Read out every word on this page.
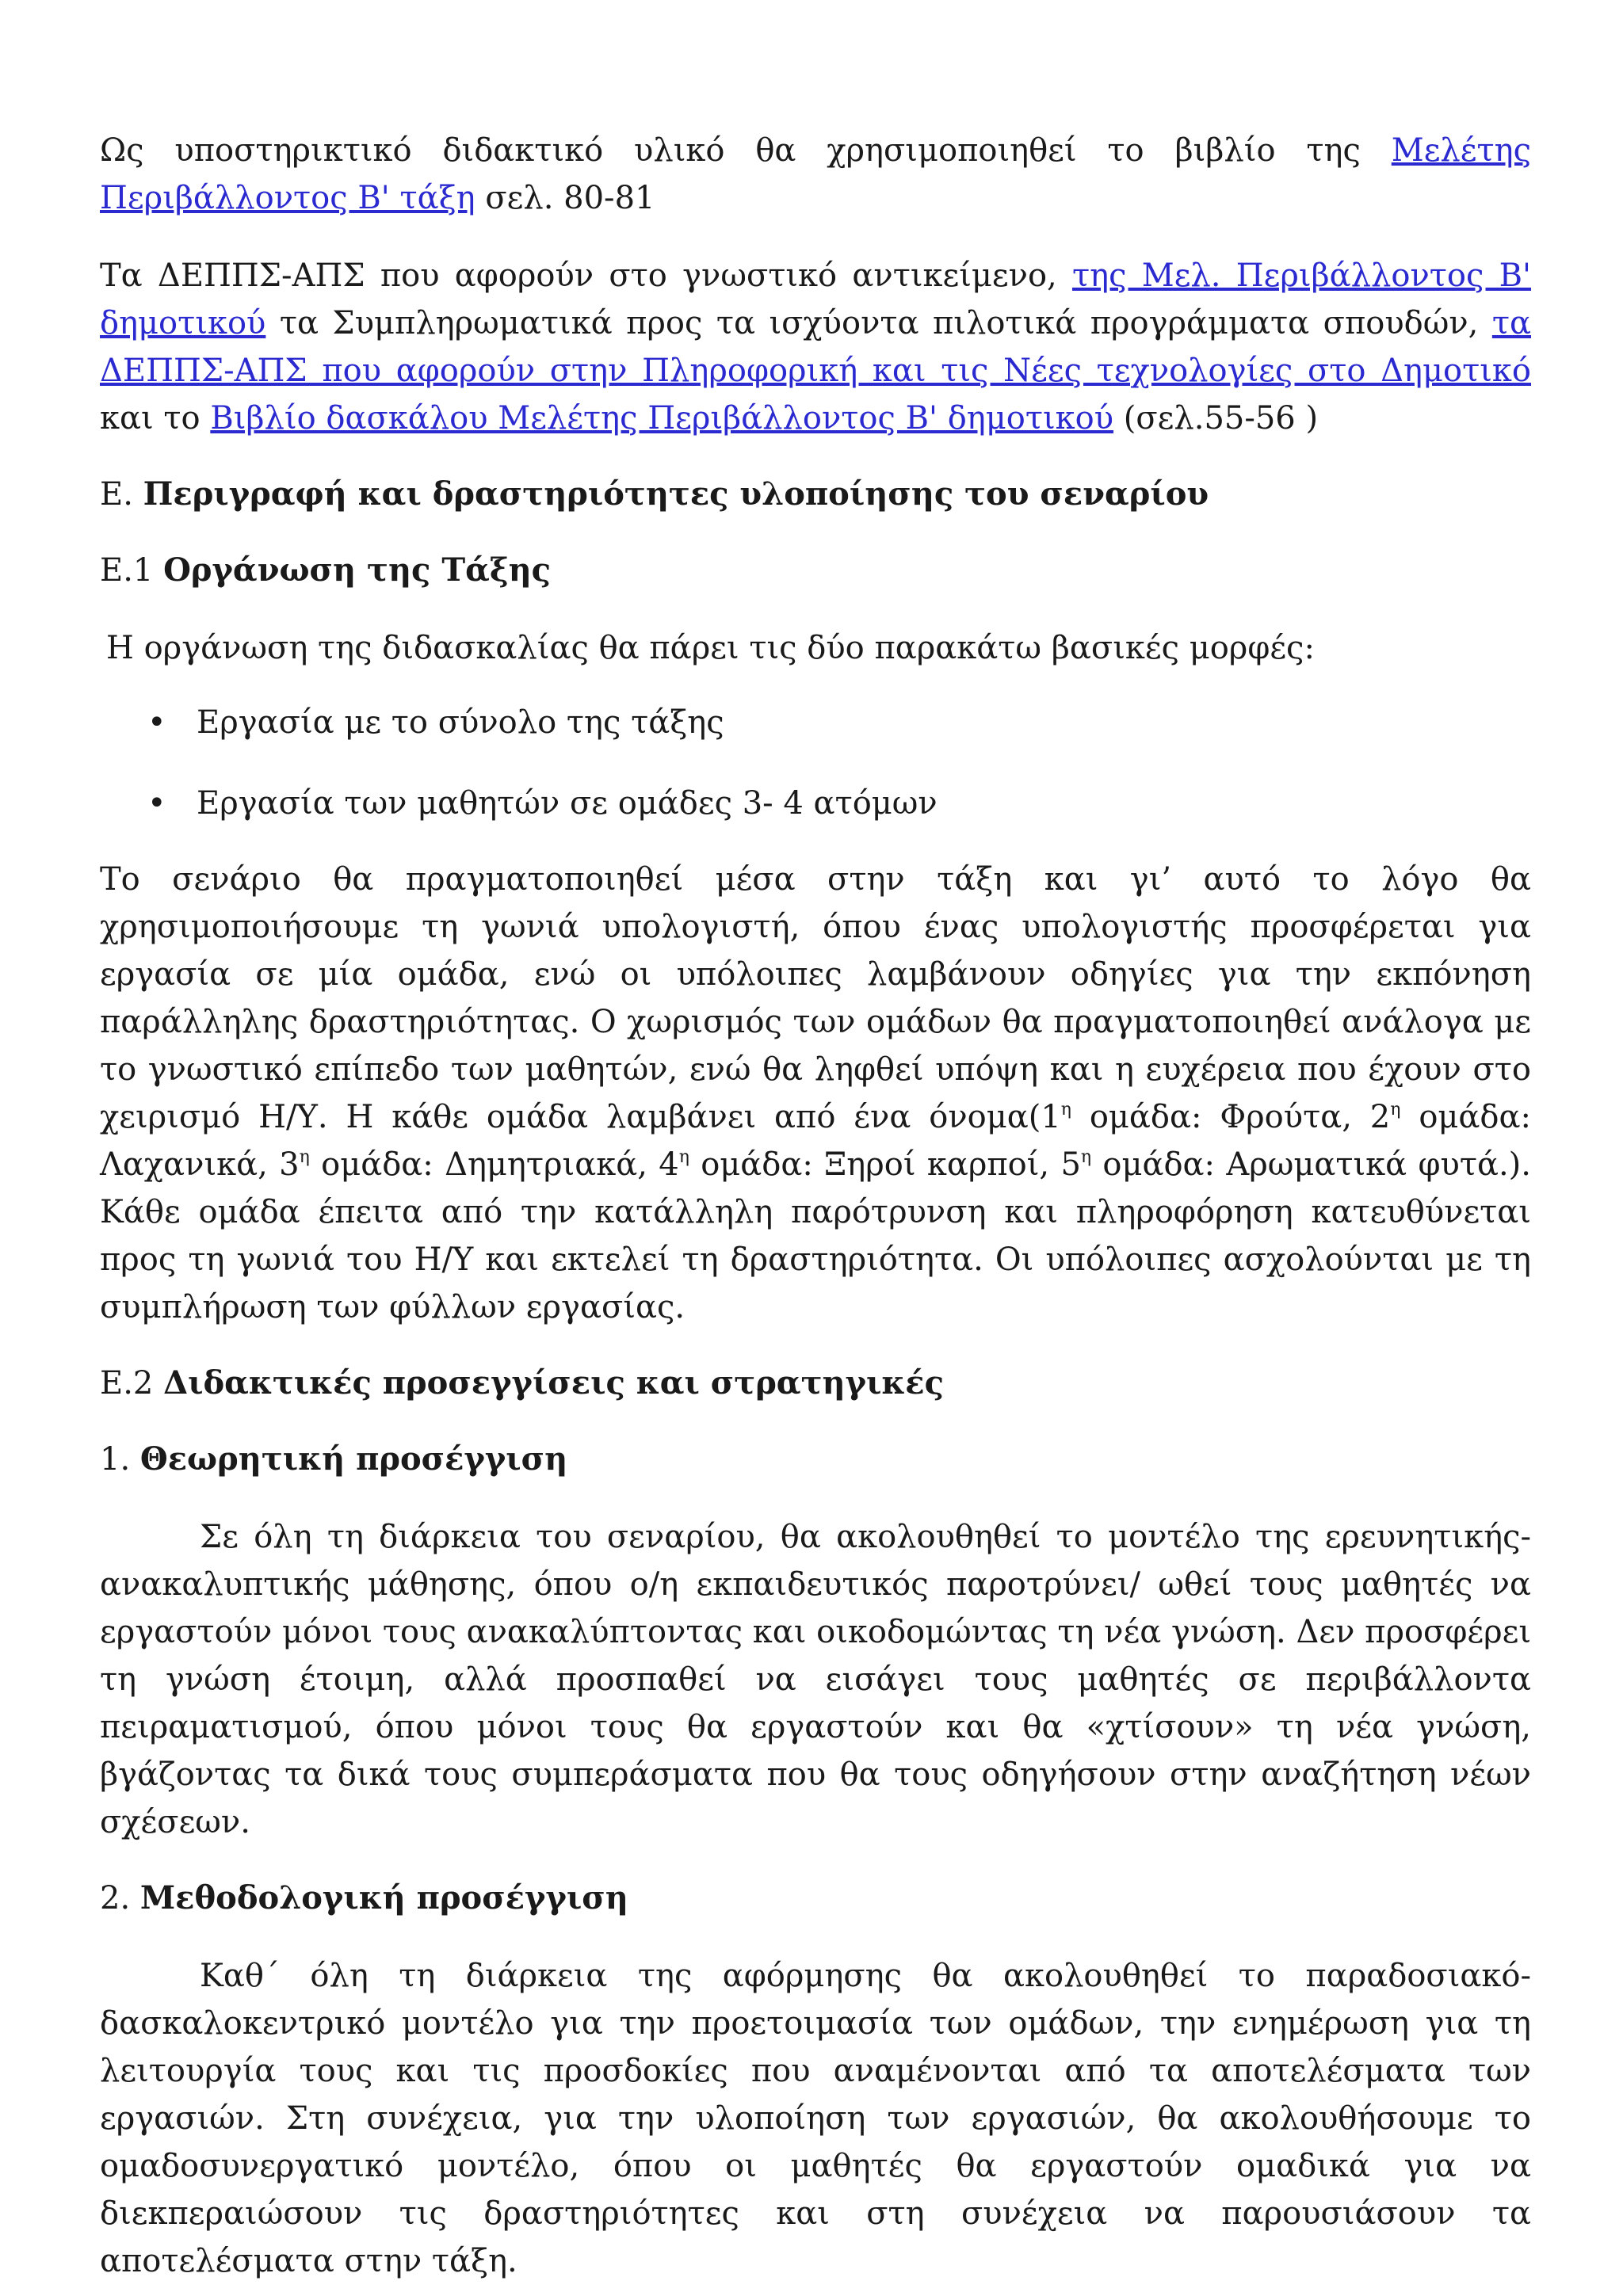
Ως υποστηρικτικό διδακτικό υλικό θα χρησιμοποιηθεί το βιβλίο της Μελέτης Περιβάλλοντος Β' τάξη σελ. 80-81

Τα ΔΕΠΠΣ-ΑΠΣ που αφορούν στο γνωστικό αντικείμενο, της Μελ. Περιβάλλοντος Β' δημοτικού τα Συμπληρωματικά προς τα ισχύοντα πιλοτικά προγράμματα σπουδών, τα ΔΕΠΠΣ-ΑΠΣ που αφορούν στην Πληροφορική και τις Νέες τεχνολογίες στο Δημοτικό και το Βιβλίο δασκάλου Μελέτης Περιβάλλοντος Β' δημοτικού (σελ.55-56 )

Ε. Περιγραφή και δραστηριότητες υλοποίησης του σεναρίου

Ε.1 Οργάνωση της Τάξης

Η οργάνωση της διδασκαλίας θα πάρει τις δύο παρακάτω βασικές μορφές:

• Εργασία με το σύνολο της τάξης
• Εργασία των μαθητών σε ομάδες 3- 4 ατόμων

Το σενάριο θα πραγματοποιηθεί μέσα στην τάξη και γι’ αυτό το λόγο θα χρησιμοποιήσουμε τη γωνιά υπολογιστή, όπου ένας υπολογιστής προσφέρεται για εργασία σε μία ομάδα, ενώ οι υπόλοιπες λαμβάνουν οδηγίες για την εκπόνηση παράλληλης δραστηριότητας. Ο χωρισμός των ομάδων θα πραγματοποιηθεί ανάλογα με το γνωστικό επίπεδο των μαθητών, ενώ θα ληφθεί υπόψη και η ευχέρεια που έχουν στο χειρισμό Η/Υ. Η κάθε ομάδα λαμβάνει από ένα $ό\nu o\mu\alpha(1^\eta$ ομάδα: Φρούτα, $2^\eta$ ομάδα: Λαχανικά, $3^\eta$ ομάδα: Δημητριακά, $4^\eta$ ομάδα: Ξηροί καρποί, $5^\eta$ ομάδα: Αρωματικά φυτά.). Κάθε ομάδα έπειτα από την κατάλληλη παρότρυνση και πληροφόρηση κατευθύνεται προς τη γωνιά του Η/Υ και εκτελεί τη δραστηριότητα. Οι υπόλοιπες ασχολούνται με τη συμπλήρωση των φύλλων εργασίας.

Ε.2 Διδακτικές προσεγγίσεις και στρατηγικές

1. Θεωρητική προσέγγιση

Σε όλη τη διάρκεια του σεναρίου, θα ακολουθηθεί το μοντέλο της ερευνητικής-ανακαλυπτικής μάθησης, όπου ο/η εκπαιδευτικός παροτρύνει/ ωθεί τους μαθητές να εργαστούν μόνοι τους ανακαλύπτοντας και οικοδομώντας τη νέα γνώση. Δεν προσφέρει τη γνώση έτοιμη, αλλά προσπαθεί να εισάγει τους μαθητές σε περιβάλλοντα πειραματισμού, όπου μόνοι τους θα εργαστούν και θα «χτίσουν» τη νέα γνώση, βγάζοντας τα δικά τους συμπεράσματα που θα τους οδηγήσουν στην αναζήτηση νέων σχέσεων.

2. Μεθοδολογική προσέγγιση

Καθ΄ όλη τη διάρκεια της αφόρμησης θα ακολουθηθεί το παραδοσιακό-δασκαλοκεντρικό μοντέλο για την προετοιμασία των ομάδων, την ενημέρωση για τη λειτουργία τους και τις προσδοκίες που αναμένονται από τα αποτελέσματα των εργασιών. Στη συνέχεια, για την υλοποίηση των εργασιών, θα ακολουθήσουμε το ομαδοσυνεργατικό μοντέλο, όπου οι μαθητές θα εργαστούν ομαδικά για να διεκπεραιώσουν τις δραστηριότητες και στη συνέχεια να παρουσιάσουν τα αποτελέσματα στην τάξη.
